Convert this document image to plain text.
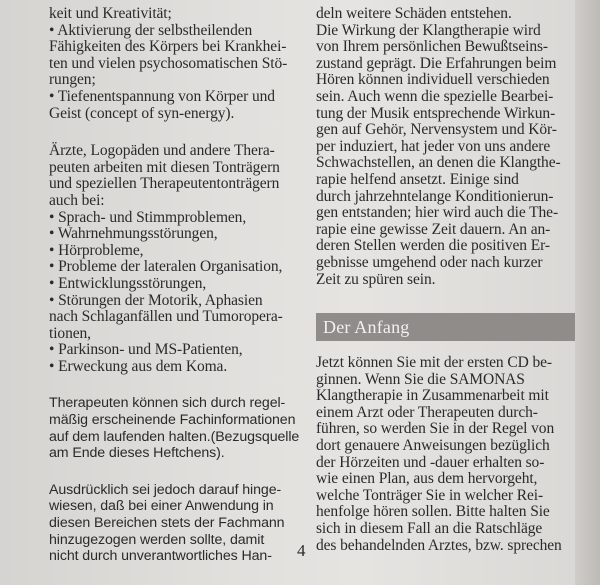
keit und Kreativität;
• Aktivierung der selbstheilenden
Fähigkeiten des Körpers bei Krankhei-
ten und vielen psychosomatischen Stö-
rungen;
• Tiefenentspannung von Körper und
Geist (concept of syn-energy).
Ärzte, Logopäden und andere Thera-
peuten arbeiten mit diesen Tonträgern
und speziellen Therapeutentonträgern
auch bei:
• Sprach- und Stimmproblemen,
• Wahrnehmungsstörungen,
• Hörprobleme,
• Probleme der lateralen Organisation,
• Entwicklungsstörungen,
• Störungen der Motorik, Aphasien
nach Schlaganfällen und Tumoropera-
tionen,
• Parkinson- und MS-Patienten,
• Erweckung aus dem Koma.
Therapeuten können sich durch regel-
mäßig erscheinende Fachinformationen
auf dem laufenden halten.(Bezugsquelle
am Ende dieses Heftchens).
Ausdrücklich sei jedoch darauf hinge-
wiesen, daß bei einer Anwendung in
diesen Bereichen stets der Fachmann
hinzugezogen werden sollte, damit
nicht durch unverantwortliches Han-
deln weitere Schäden entstehen.
Die Wirkung der Klangtherapie wird
von Ihrem persönlichen Bewußtseins-
zustand geprägt. Die Erfahrungen beim
Hören können individuell verschieden
sein. Auch wenn die spezielle Bearbei-
tung der Musik entsprechende Wirkun-
gen auf Gehör, Nervensystem und Kör-
per induziert, hat jeder von uns andere
Schwachstellen, an denen die Klangthe-
rapie helfend ansetzt. Einige sind
durch jahrzehntelange Konditionierun-
gen entstanden; hier wird auch die The-
rapie eine gewisse Zeit dauern. An an-
deren Stellen werden die positiven Er-
gebnisse umgehend oder nach kurzer
Zeit zu spüren sein.
Der Anfang
Jetzt können Sie mit der ersten CD be-
ginnen. Wenn Sie die SAMONAS
Klangtherapie in Zusammenarbeit mit
einem Arzt oder Therapeuten durch-
führen, so werden Sie in der Regel von
dort genauere Anweisungen bezüglich
der Hörzeiten und -dauer erhalten so-
wie einen Plan, aus dem hervorgeht,
welche Tonträger Sie in welcher Rei-
henfolge hören sollen. Bitte halten Sie
sich in diesem Fall an die Ratschläge
des behandelnden Arztes, bzw. sprechen
4
